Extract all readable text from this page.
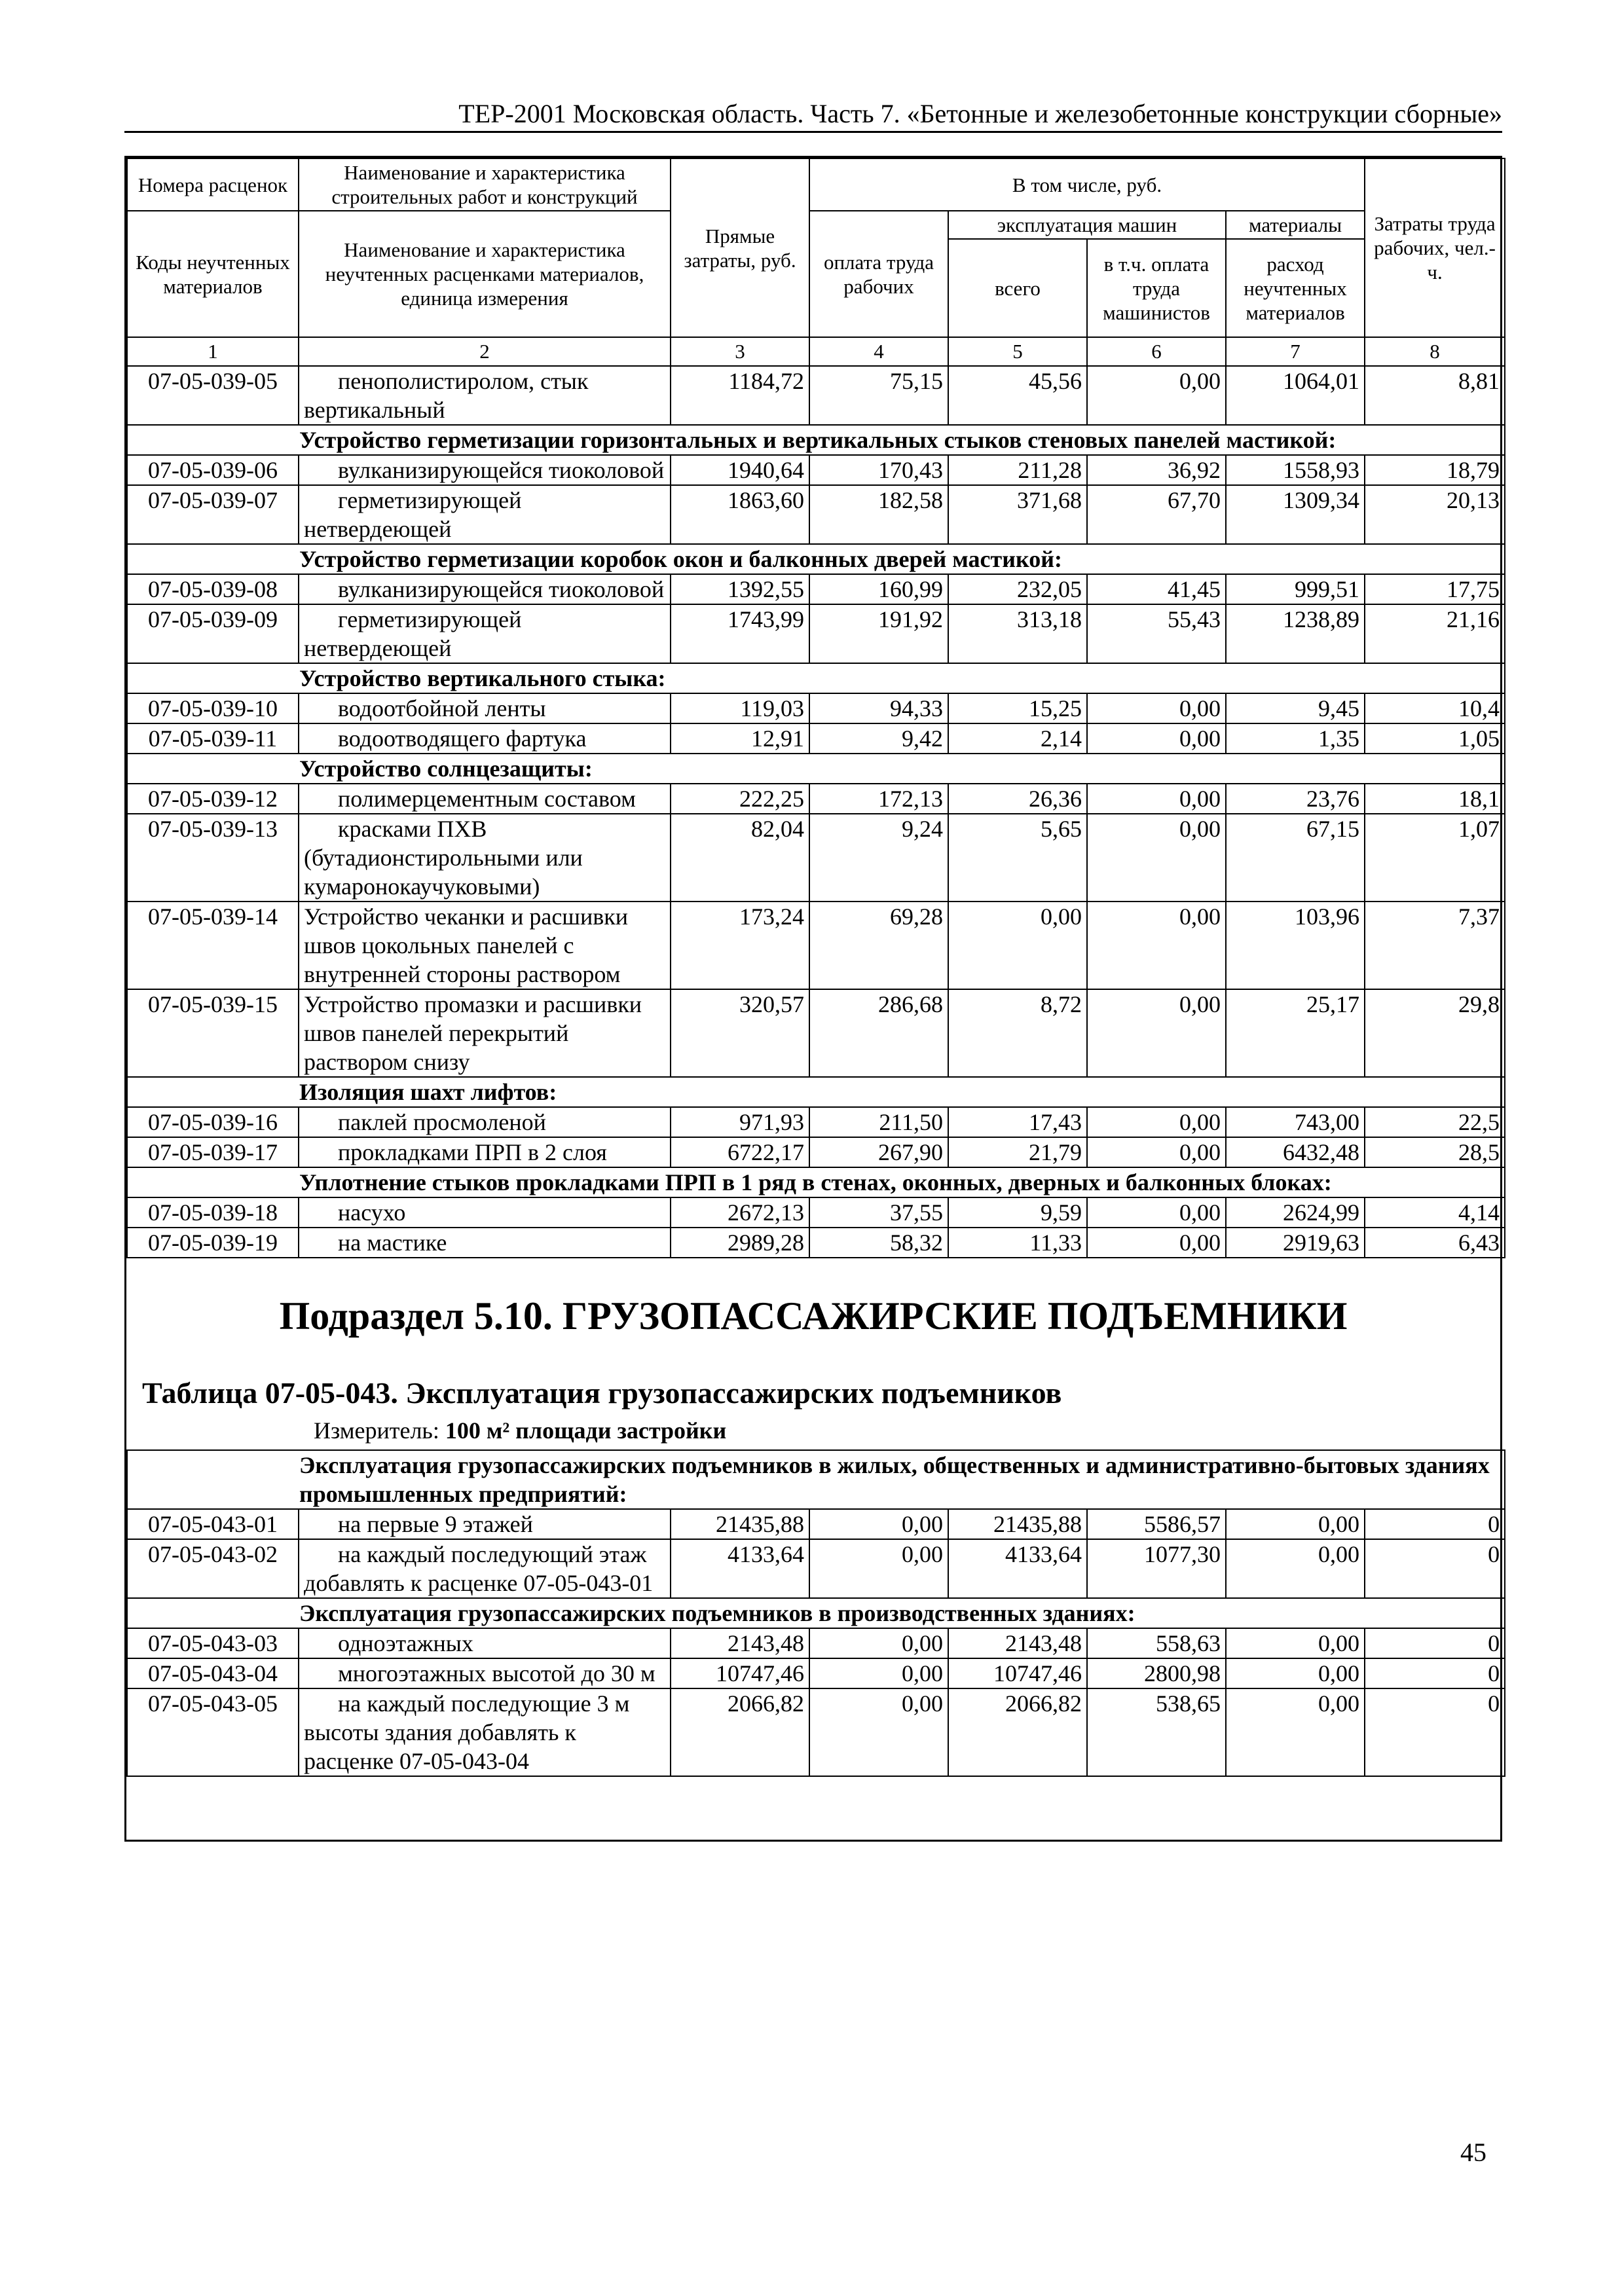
ТЕР-2001 Московская область. Часть 7. «Бетонные и железобетонные конструкции сборные»
Номера расценок	Наименование и характеристика строительных работ и конструкций	Прямые затраты, руб.	В том числе, руб.				Затраты труда рабочих, чел.-ч.
Коды неучтенных материалов	Наименование и характеристика неучтенных расценками материалов, единица измерения		оплата труда рабочих	эксплуатация машин		материалы	
				всего	в т.ч. оплата труда машинистов	расход неучтенных материалов	
1	2	3	4	5	6	7	8
07-05-039-05	пенополистиролом, стык вертикальный	1184,72	75,15	45,56	0,00	1064,01	8,81
Устройство герметизации горизонтальных и вертикальных стыков стеновых панелей мастикой:							
07-05-039-06	вулканизирующейся тиоколовой	1940,64	170,43	211,28	36,92	1558,93	18,79
07-05-039-07	герметизирующей нетвердеющей	1863,60	182,58	371,68	67,70	1309,34	20,13
Устройство герметизации коробок окон и балконных дверей мастикой:							
07-05-039-08	вулканизирующейся тиоколовой	1392,55	160,99	232,05	41,45	999,51	17,75
07-05-039-09	герметизирующей нетвердеющей	1743,99	191,92	313,18	55,43	1238,89	21,16
Устройство вертикального стыка:							
07-05-039-10	водоотбойной ленты	119,03	94,33	15,25	0,00	9,45	10,4
07-05-039-11	водоотводящего фартука	12,91	9,42	2,14	0,00	1,35	1,05
Устройство солнцезащиты:							
07-05-039-12	полимерцементным составом	222,25	172,13	26,36	0,00	23,76	18,1
07-05-039-13	красками ПХВ (бутадионстирольными или кумаронокаучуковыми)	82,04	9,24	5,65	0,00	67,15	1,07
07-05-039-14	Устройство чеканки и расшивки швов цокольных панелей с внутренней стороны раствором	173,24	69,28	0,00	0,00	103,96	7,37
07-05-039-15	Устройство промазки и расшивки швов панелей перекрытий раствором снизу	320,57	286,68	8,72	0,00	25,17	29,8
Изоляция шахт лифтов:							
07-05-039-16	паклей просмоленой	971,93	211,50	17,43	0,00	743,00	22,5
07-05-039-17	прокладками ПРП в 2 слоя	6722,17	267,90	21,79	0,00	6432,48	28,5
Уплотнение стыков прокладками ПРП в 1 ряд в стенах, оконных, дверных и балконных блоках:							
07-05-039-18	насухо	2672,13	37,55	9,59	0,00	2624,99	4,14
07-05-039-19	на мастике	2989,28	58,32	11,33	0,00	2919,63	6,43
Подраздел 5.10. ГРУЗОПАССАЖИРСКИЕ ПОДЪЕМНИКИ
Таблица 07-05-043. Эксплуатация грузопассажирских подъемников
Измеритель: 100 м² площади застройки
Эксплуатация грузопассажирских подъемников в жилых, общественных и административно-бытовых зданиях промышленных предприятий:							
07-05-043-01	на первые 9 этажей	21435,88	0,00	21435,88	5586,57	0,00	0
07-05-043-02	на каждый последующий этаж добавлять к расценке 07-05-043-01	4133,64	0,00	4133,64	1077,30	0,00	0
Эксплуатация грузопассажирских подъемников в производственных зданиях:							
07-05-043-03	одноэтажных	2143,48	0,00	2143,48	558,63	0,00	0
07-05-043-04	многоэтажных высотой до 30 м	10747,46	0,00	10747,46	2800,98	0,00	0
07-05-043-05	на каждый последующие 3 м высоты здания добавлять к расценке 07-05-043-04	2066,82	0,00	2066,82	538,65	0,00	0
45
